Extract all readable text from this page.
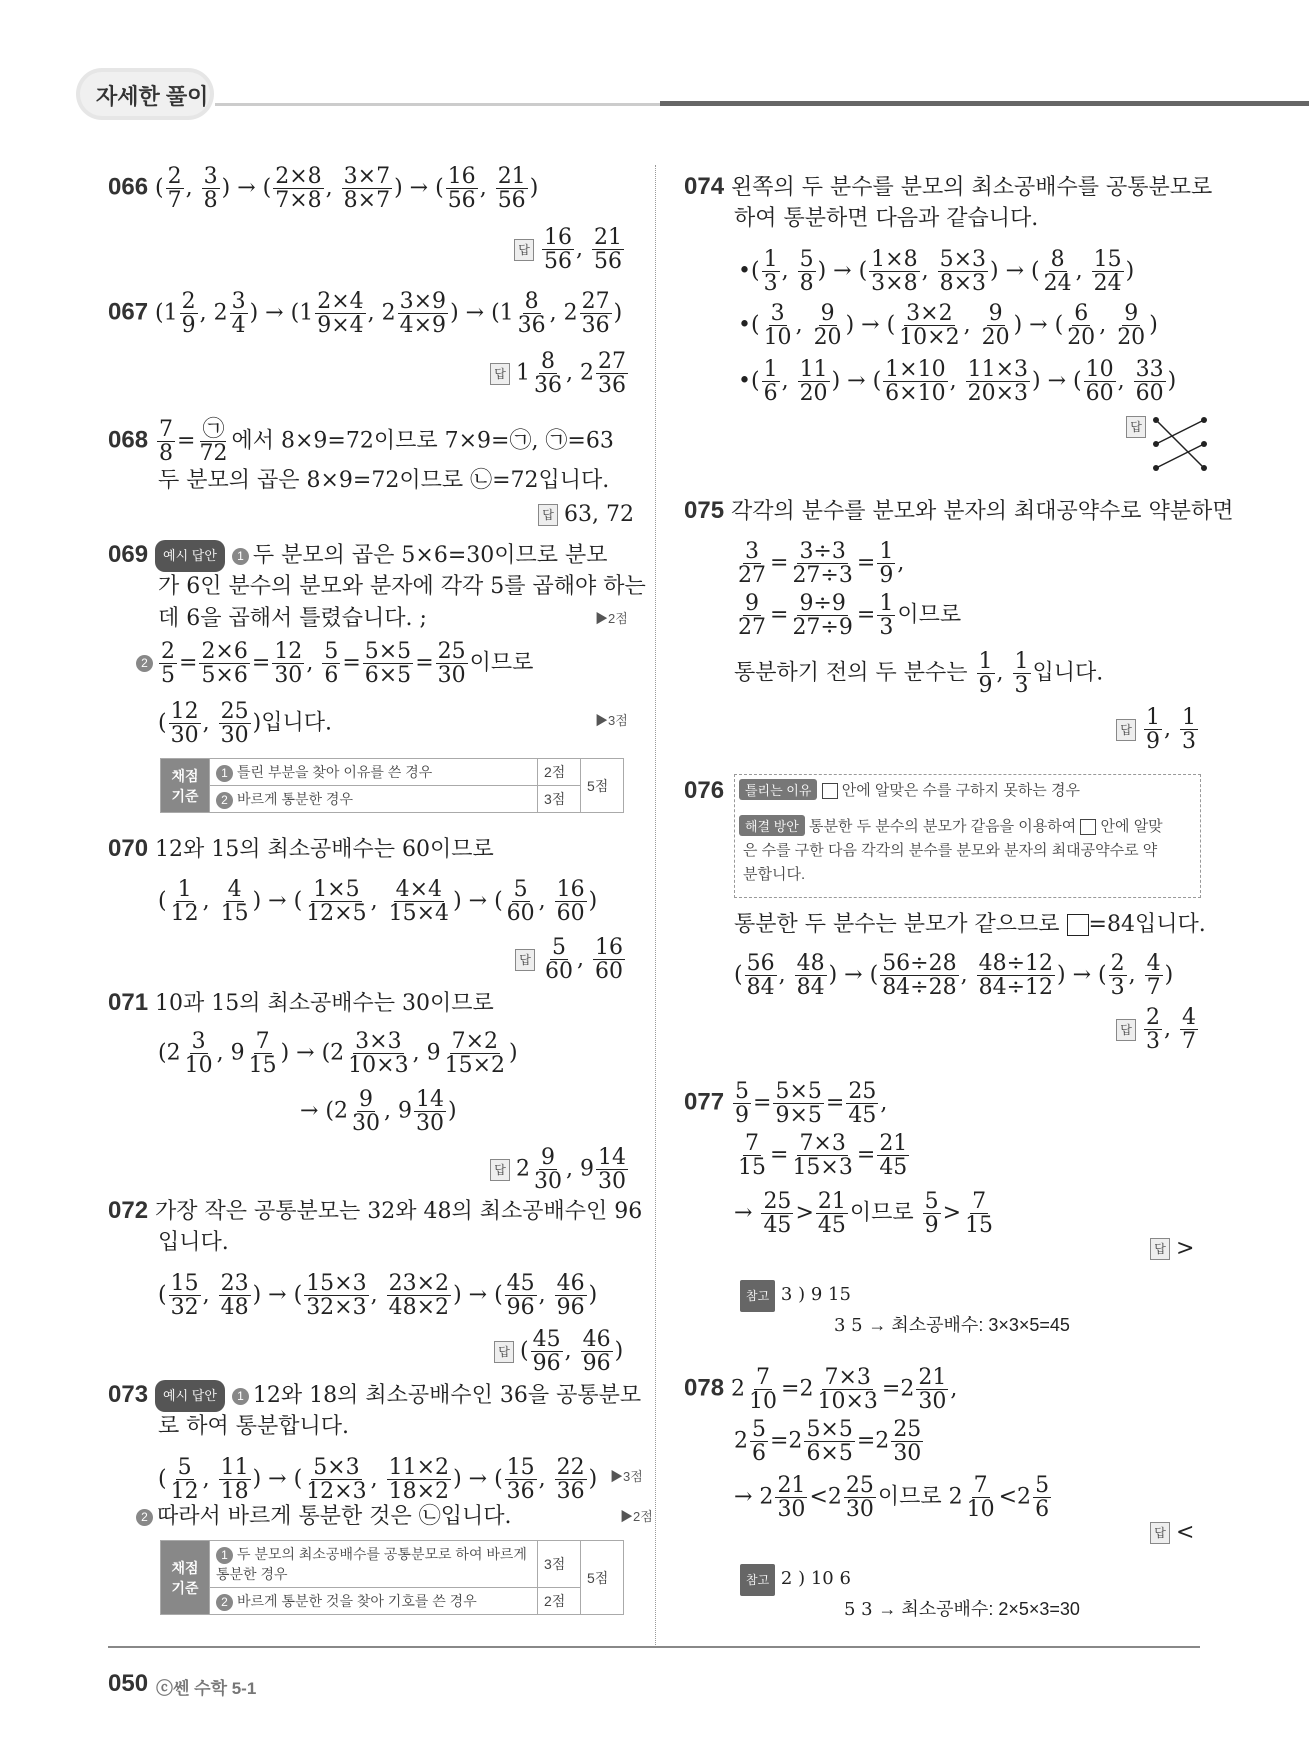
자세한 풀이
066 ( $\frac{2}{7}$ , $\frac{3}{8}$ ) → ( $\frac{2\times 8}{7\times 8}$ , $\frac{3\times 7}{8\times 7}$ ) → ( $\frac{16}{56}$ , $\frac{21}{56}$ )
답 $\frac{16}{56}$ , $\frac{21}{56}$
067 ($1 \frac{2}{9}$ , $2 \frac{3}{4}$ ) → ($1 \frac{2\times 4}{9\times 4}$ , $2 \frac{3\times 9}{4\times 9}$ ) → ($1 \frac{8}{36}$ , $2 \frac{27}{36}$ )
답 $1 \frac{8}{36}$ , $2 \frac{27}{36}$
$068 \frac{7}{8}$ = ㉠
72 에서 8×9=72이므로 7×9=㉠, ㉠=63
두 분모의 곱은 8×9=72이므로 ㉡=72입니다.
답 63, 72
069 예시 답안 1 두 분모의 곱은 5×6=30이므로 분모
가 6인 분수의 분모와 분자에 각각 5를 곱해야 하는
데 6을 곱해서 틀렸습니다. ;	▶2점
$2 \frac{2}{5} = \frac{2\times 6}{5\times 6} = \frac{12}{30}$ , $\frac{5}{6} = \frac{5\times 5}{6\times 5} = \frac{25}{30}$ 이므로
( $\frac{12}{30}$ , $\frac{25}{30}$ )입니다.	▶3점
채점 기준	1 틀린 부분을 찾아 이유를 쓴 경우	2점	5점
	2 바르게 통분한 경우	3점	
070 12와 15의 최소공배수는 60이므로
( $\frac{1}{12}$ , $\frac{4}{15}$ ) → ( $\frac{1\times 5}{12\times 5}$ , $\frac{4\times 4}{15\times 4}$ ) → ( $\frac{5}{60}$ , $\frac{16}{60}$ )
답 $\frac{5}{60}$ , $\frac{16}{60}$
071 10과 15의 최소공배수는 30이므로
($2 \frac{3}{10}$ , $9 \frac{7}{15}$ ) → ($2 \frac{3\times 3}{10\times 3}$ , $9 \frac{7\times 2}{15\times 2}$ )
→ ($2 \frac{9}{30}$ , $9 \frac{14}{30}$ )
답 $2 \frac{9}{30}$ , $9 \frac{14}{30}$
072 가장 작은 공통분모는 32와 48의 최소공배수인 96
입니다.
( $\frac{15}{32}$ , $\frac{23}{48}$ ) → ( $\frac{15\times 3}{32\times 3}$ , $\frac{23\times 2}{48\times 2}$ ) → ( $\frac{45}{96}$ , $\frac{46}{96}$ )
답 ( $\frac{45}{96}$ , $\frac{46}{96}$ )
073 예시 답안 1 12와 18의 최소공배수인 36을 공통분모
로 하여 통분합니다.
( $\frac{5}{12}$ , $\frac{11}{18}$ ) → ( $\frac{5\times 3}{12\times 3}$ , $\frac{11\times 2}{18\times 2}$ ) → ( $\frac{15}{36}$ , $\frac{22}{36}$ ) ▶3점
2 따라서 바르게 통분한 것은 ㉡입니다.	▶2점
채점 기준	1 두 분모의 최소공배수를 공통분모로 하여 바르게 통분한 경우	3점	5점
	2 바르게 통분한 것을 찾아 기호를 쓴 경우	2점	
074 왼쪽의 두 분수를 분모의 최소공배수를 공통분모로
하여 통분하면 다음과 같습니다.
•( $\frac{1}{3}$ , $\frac{5}{8}$ ) → ( $\frac{1\times 8}{3\times 8}$ , $\frac{5\times 3}{8\times 3}$ ) → ( $\frac{8}{24}$ , $\frac{15}{24}$ )
•( $\frac{3}{10}$ , $\frac{9}{20}$ ) → ( $\frac{3\times 2}{10\times 2}$ , $\frac{9}{20}$ ) → ( $\frac{6}{20}$ , $\frac{9}{20}$ )
•( $\frac{1}{6}$ , $\frac{11}{20}$ ) → ( $\frac{1\times 10}{6\times 10}$ , $\frac{11\times 3}{20\times 3}$ ) → ( $\frac{10}{60}$ , $\frac{33}{60}$ )
답
075 각각의 분수를 분모와 분자의 최대공약수로 약분하면
$\frac{3}{27} = \frac{3\div 3}{27\div 3} = \frac{1}{9}$ ,
$\frac{9}{27} = \frac{9\div 9}{27\div 9} = \frac{1}{3}$ 이므로
통분하기 전의 두 분수는 $\frac{1}{9}$ , $\frac{1}{3}$ 입니다.
답 $\frac{1}{9}$ , $\frac{1}{3}$
076	틀리는 이유 안에 알맞은 수를 구하지 못하는 경우
해결 방안 통분한 두 분수의 분모가 같음을 이용하여 안에 알맞
은 수를 구한 다음 각각의 분수를 분모와 분자의 최대공약수로 약
분합니다.
통분한 두 분수는 분모가 같으므로 =84입니다.
( $\frac{56}{84}$ , $\frac{48}{84}$ ) → ( $\frac{56\div 28}{84\div 28}$ , $\frac{48\div 12}{84\div 12}$ ) → ( $\frac{2}{3}$ , $\frac{4}{7}$ )
답 $\frac{2}{3}$ , $\frac{4}{7}$
$077 \frac{5}{9} = \frac{5\times 5}{9\times 5} = \frac{25}{45}$ ,
$\frac{7}{15} = \frac{7\times 3}{15\times 3} = \frac{21}{45}$
→ $\frac{25}{45} > \frac{21}{45}$ 이므로 $\frac{5}{9} > \frac{7}{15}$
답 >
참고 3 ) 9 15
3 5 → 최소공배수: 3×3×5=45
078 $2 \frac{7}{10} =2 \frac{7\times 3}{10\times 3} =2 \frac{21}{30}$ ,
$2 \frac{5}{6} =2 \frac{5\times 5}{6\times 5} =2 \frac{25}{30}$
→ $2 \frac{21}{30} <2 \frac{25}{30}$ 이므로 $2 \frac{7}{10} <2 \frac{5}{6}$
답 <
참고 2 ) 10 6
5 3 → 최소공배수: 2×5×3=30
050 ⓒ쎈 수학 5-1
